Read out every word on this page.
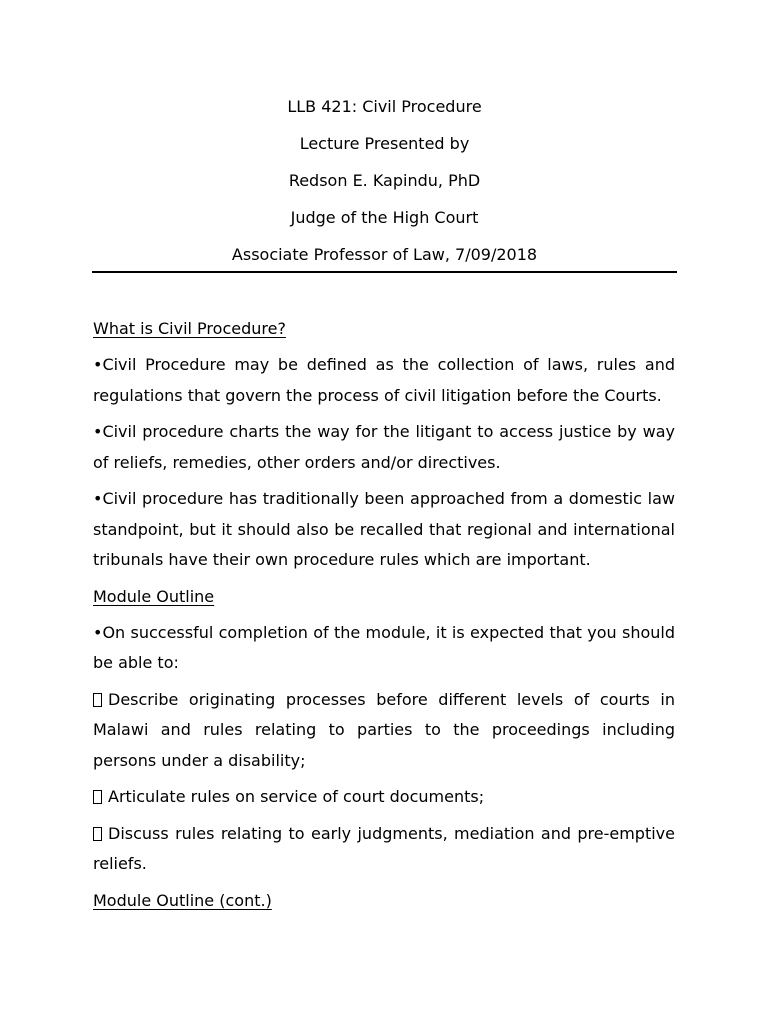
LLB 421: Civil Procedure
Lecture Presented by
Redson E. Kapindu, PhD
Judge of the High Court
Associate Professor of Law, 7/09/2018
What is Civil Procedure?

•Civil Procedure may be defined as the collection of laws, rules and regulations that govern the process of civil litigation before the Courts.

•Civil procedure charts the way for the litigant to access justice by way of reliefs, remedies, other orders and/or directives.

•Civil procedure has traditionally been approached from a domestic law standpoint, but it should also be recalled that regional and international tribunals have their own procedure rules which are important.

Module Outline

•On successful completion of the module, it is expected that you should be able to:

Describe originating processes before different levels of courts in Malawi and rules relating to parties to the proceedings including persons under a disability;

Articulate rules on service of court documents;

Discuss rules relating to early judgments, mediation and pre-emptive reliefs.

Module Outline (cont.)
